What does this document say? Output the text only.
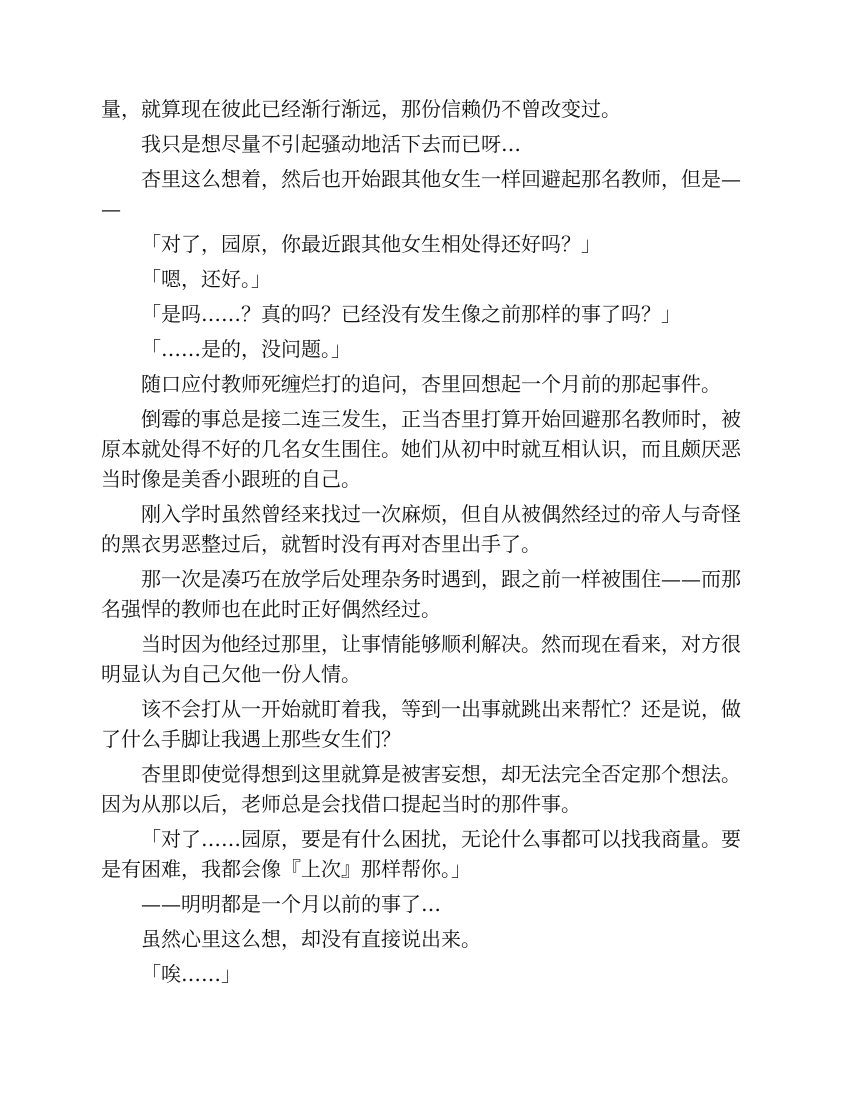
量，就算现在彼此已经渐行渐远，那份信赖仍不曾改变过。

我只是想尽量不引起骚动地活下去而已呀…

杏里这么想着，然后也开始跟其他女生一样回避起那名教师，但是——

「对了，园原，你最近跟其他女生相处得还好吗？」

「嗯，还好。」

「是吗……？真的吗？已经没有发生像之前那样的事了吗？」

「……是的，没问题。」

随口应付教师死缠烂打的追问，杏里回想起一个月前的那起事件。

倒霉的事总是接二连三发生，正当杏里打算开始回避那名教师时，被原本就处得不好的几名女生围住。她们从初中时就互相认识，而且颇厌恶当时像是美香小跟班的自己。

刚入学时虽然曾经来找过一次麻烦，但自从被偶然经过的帝人与奇怪的黑衣男恶整过后，就暂时没有再对杏里出手了。

那一次是凑巧在放学后处理杂务时遇到，跟之前一样被围住——而那名强悍的教师也在此时正好偶然经过。

当时因为他经过那里，让事情能够顺利解决。然而现在看来，对方很明显认为自己欠他一份人情。

该不会打从一开始就盯着我，等到一出事就跳出来帮忙？还是说，做了什么手脚让我遇上那些女生们？

杏里即使觉得想到这里就算是被害妄想，却无法完全否定那个想法。因为从那以后，老师总是会找借口提起当时的那件事。

「对了……园原，要是有什么困扰，无论什么事都可以找我商量。要是有困难，我都会像『上次』那样帮你。」

——明明都是一个月以前的事了…

虽然心里这么想，却没有直接说出来。

「唉……」
